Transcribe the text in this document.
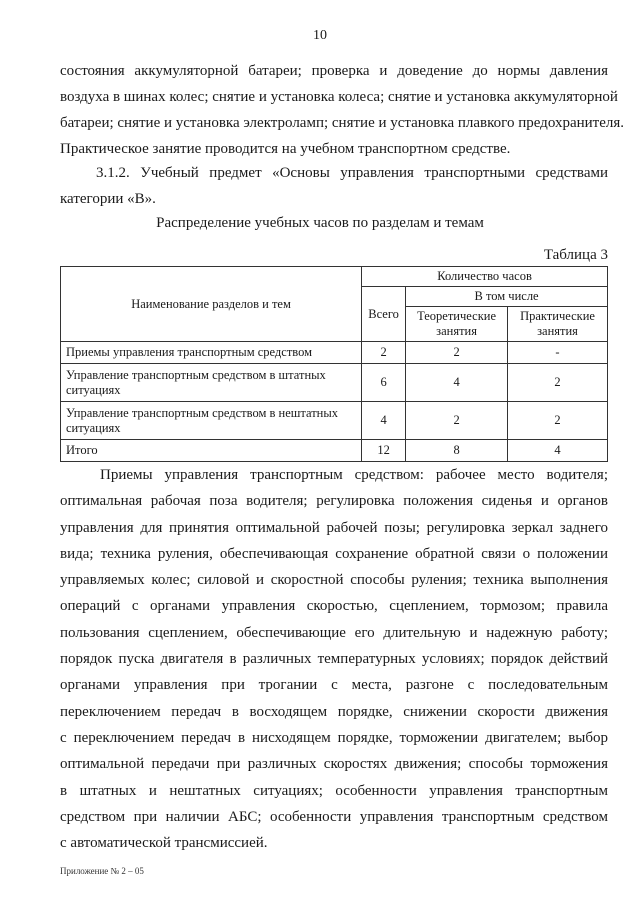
10
состояния аккумуляторной батареи; проверка и доведение до нормы давления
воздуха в шинах колес; снятие и установка колеса; снятие и установка аккумуляторной
батареи; снятие и установка электроламп; снятие и установка плавкого предохранителя.
Практическое занятие проводится на учебном транспортном средстве.
3.1.2. Учебный предмет «Основы управления транспортными средствами
категории «В».
Распределение учебных часов по разделам и темам
Таблица 3
Наименование разделов и тем	Количество часов		
	Всего	В том числе	
		Теоретические занятия	Практические занятия
Приемы управления транспортным средством	2	2	-
Управление транспортным средством в штатных ситуациях	6	4	2
Управление транспортным средством в нештатных ситуациях	4	2	2
Итого	12	8	4
Приемы управления транспортным средством: рабочее место водителя;
оптимальная рабочая поза водителя; регулировка положения сиденья и органов
управления для принятия оптимальной рабочей позы; регулировка зеркал заднего
вида; техника руления, обеспечивающая сохранение обратной связи о положении
управляемых колес; силовой и скоростной способы руления; техника выполнения
операций с органами управления скоростью, сцеплением, тормозом; правила
пользования сцеплением, обеспечивающие его длительную и надежную работу;
порядок пуска двигателя в различных температурных условиях; порядок действий
органами управления при трогании с места, разгоне с последовательным
переключением передач в восходящем порядке, снижении скорости движения
с переключением передач в нисходящем порядке, торможении двигателем; выбор
оптимальной передачи при различных скоростях движения; способы торможения
в штатных и нештатных ситуациях; особенности управления транспортным
средством при наличии АБС; особенности управления транспортным средством
с автоматической трансмиссией.
Приложение № 2 – 05
